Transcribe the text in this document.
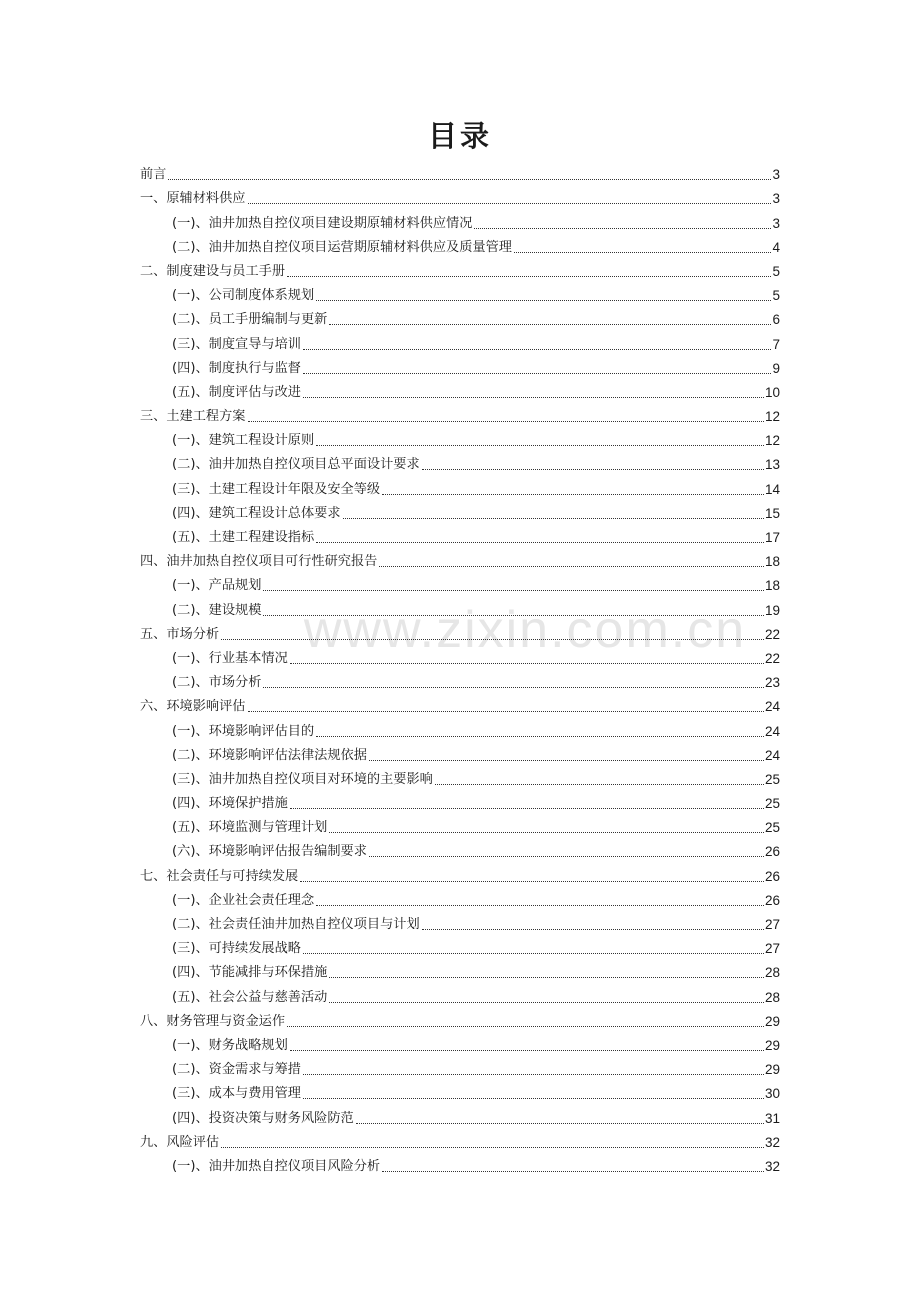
目录
www.zixin.com.cn
前言	3
一、原辅材料供应	3
(一)、油井加热自控仪项目建设期原辅材料供应情况	3
(二)、油井加热自控仪项目运营期原辅材料供应及质量管理	4
二、制度建设与员工手册	5
(一)、公司制度体系规划	5
(二)、员工手册编制与更新	6
(三)、制度宣导与培训	7
(四)、制度执行与监督	9
(五)、制度评估与改进	10
三、土建工程方案	12
(一)、建筑工程设计原则	12
(二)、油井加热自控仪项目总平面设计要求	13
(三)、土建工程设计年限及安全等级	14
(四)、建筑工程设计总体要求	15
(五)、土建工程建设指标	17
四、油井加热自控仪项目可行性研究报告	18
(一)、产品规划	18
(二)、建设规模	19
五、市场分析	22
(一)、行业基本情况	22
(二)、市场分析	23
六、环境影响评估	24
(一)、环境影响评估目的	24
(二)、环境影响评估法律法规依据	24
(三)、油井加热自控仪项目对环境的主要影响	25
(四)、环境保护措施	25
(五)、环境监测与管理计划	25
(六)、环境影响评估报告编制要求	26
七、社会责任与可持续发展	26
(一)、企业社会责任理念	26
(二)、社会责任油井加热自控仪项目与计划	27
(三)、可持续发展战略	27
(四)、节能减排与环保措施	28
(五)、社会公益与慈善活动	28
八、财务管理与资金运作	29
(一)、财务战略规划	29
(二)、资金需求与筹措	29
(三)、成本与费用管理	30
(四)、投资决策与财务风险防范	31
九、风险评估	32
(一)、油井加热自控仪项目风险分析	32
